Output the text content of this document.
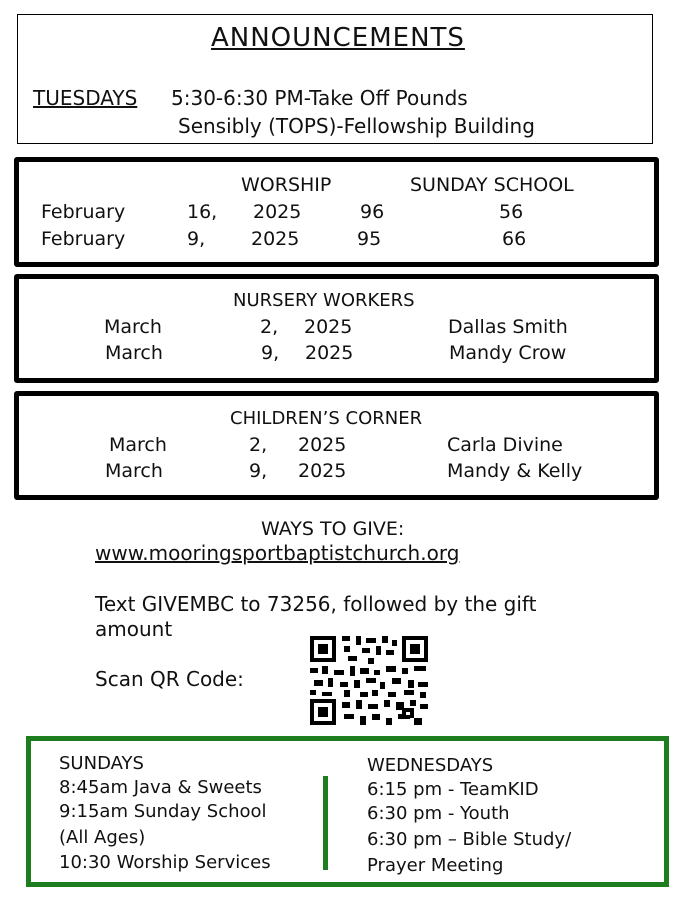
ANNOUNCEMENTS
TUESDAYS 5:30-6:30 PM-Take Off Pounds
Sensibly (TOPS)-Fellowship Building
WORSHIP	SUNDAY SCHOOL
February	16, 2025	96	56
February	9, 2025	95	66
NURSERY WORKERS
March	2, 2025	Dallas Smith
March	9, 2025	Mandy Crow
CHILDREN’S CORNER
March	2, 2025	Carla Divine
March	9, 2025	Mandy & Kelly
WAYS TO GIVE:
www.mooringsportbaptistchurch.org
Text GIVEMBC to 73256, followed by the gift
amount
Scan QR Code:
SUNDAYS
8:45am Java & Sweets
9:15am Sunday School
(All Ages)
10:30 Worship Services
WEDNESDAYS
6:15 pm - TeamKID
6:30 pm - Youth
6:30 pm – Bible Study/
Prayer Meeting
